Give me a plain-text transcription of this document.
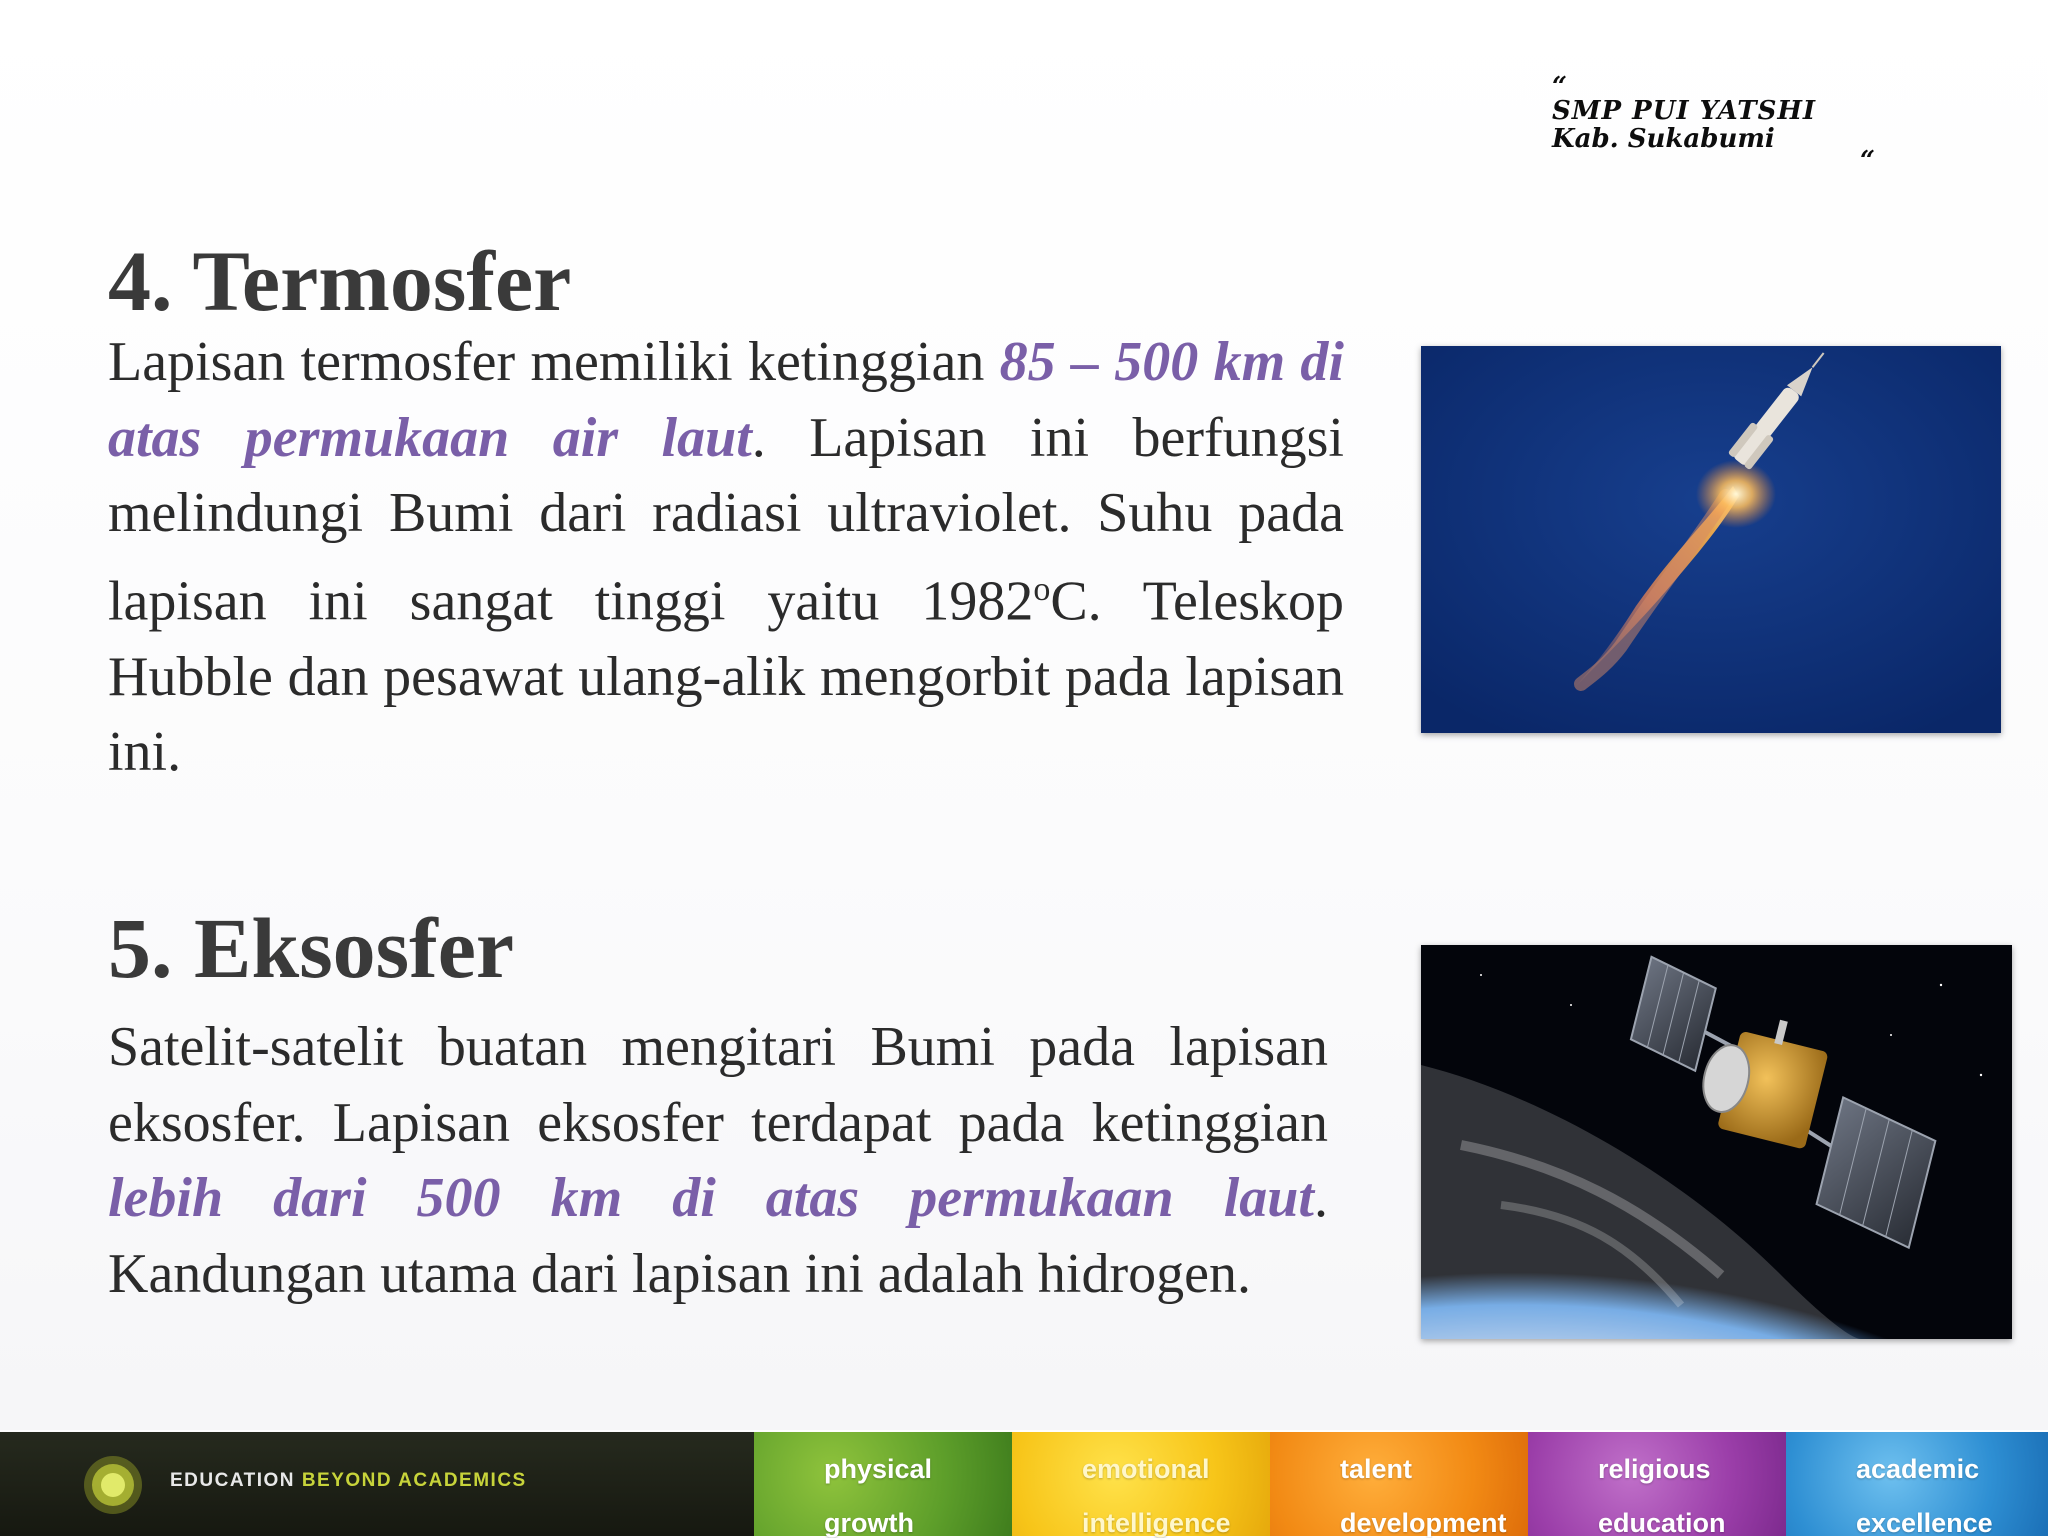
“
SMP PUI YATSHI
Kab. Sukabumi
“
4. Termosfer

Lapisan termosfer memiliki ketinggian 85 – 500 km di atas permukaan air laut. Lapisan ini berfungsi melindungi Bumi dari radiasi ultraviolet. Suhu pada lapisan ini sangat tinggi yaitu 1982$^o$C. Teleskop Hubble dan pesawat ulang-alik mengorbit pada lapisan ini.

5. Eksosfer

Satelit-satelit buatan mengitari Bumi pada lapisan eksosfer. Lapisan eksosfer terdapat pada ketinggian lebih dari 500 km di atas permukaan laut. Kandungan utama dari lapisan ini adalah hidrogen.

EDUCATION BEYOND ACADEMICS	physical

growth
emotional

intelligence
talent

development
religious

education
academic

excellence
